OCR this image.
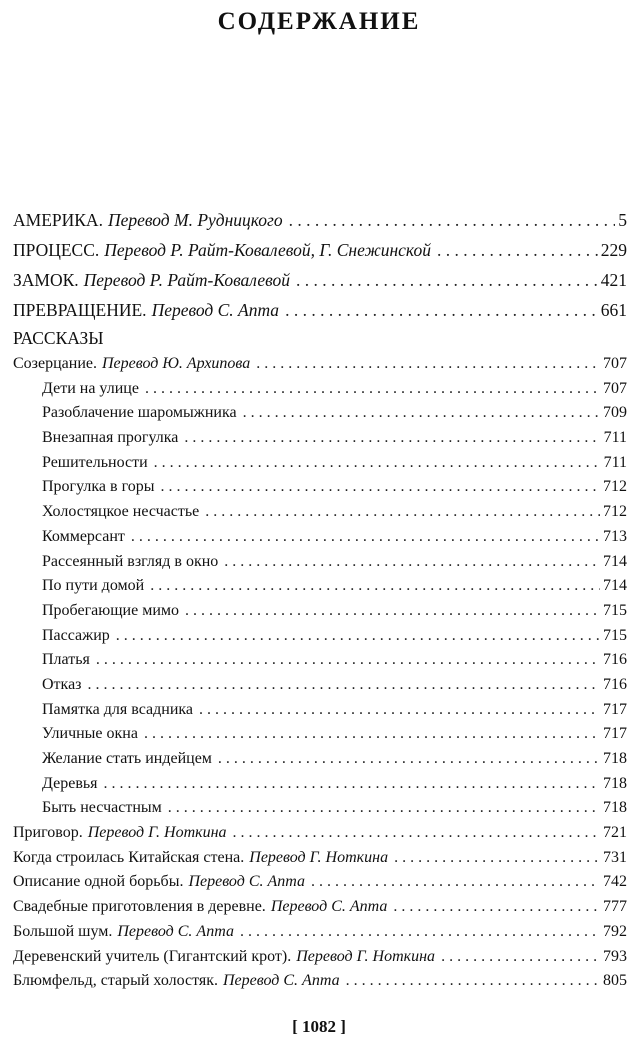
СОДЕРЖАНИЕ
АМЕРИКА. Перевод М. Рудницкого . . .	5
ПРОЦЕСС. Перевод Р. Райт-Ковалевой, Г. Снежинской . . .	229
ЗАМОК. Перевод Р. Райт-Ковалевой . . .	421
ПРЕВРАЩЕНИЕ. Перевод С. Апта . . .	661
РАССКАЗЫ
Созерцание. Перевод Ю. Архипова . . .	707
Дети на улице . . .	707
Разоблачение шаромыжника . . .	709
Внезапная прогулка . . .	711
Решительности . . .	711
Прогулка в горы . . .	712
Холостяцкое несчастье . . .	712
Коммерсант . . .	713
Рассеянный взгляд в окно . . .	714
По пути домой . . .	714
Пробегающие мимо . . .	715
Пассажир . . .	715
Платья . . .	716
Отказ . . .	716
Памятка для всадника . . .	717
Уличные окна . . .	717
Желание стать индейцем . . .	718
Деревья . . .	718
Быть несчастным . . .	718
Приговор. Перевод Г. Ноткина . . .	721
Когда строилась Китайская стена. Перевод Г. Ноткина . . .	731
Описание одной борьбы. Перевод С. Апта . . .	742
Свадебные приготовления в деревне. Перевод С. Апта . . .	777
Большой шум. Перевод С. Апта . . .	792
Деревенский учитель (Гигантский крот). Перевод Г. Ноткина . . .	793
Блюмфельд, старый холостяк. Перевод С. Апта . . .	805
[ 1082 ]
